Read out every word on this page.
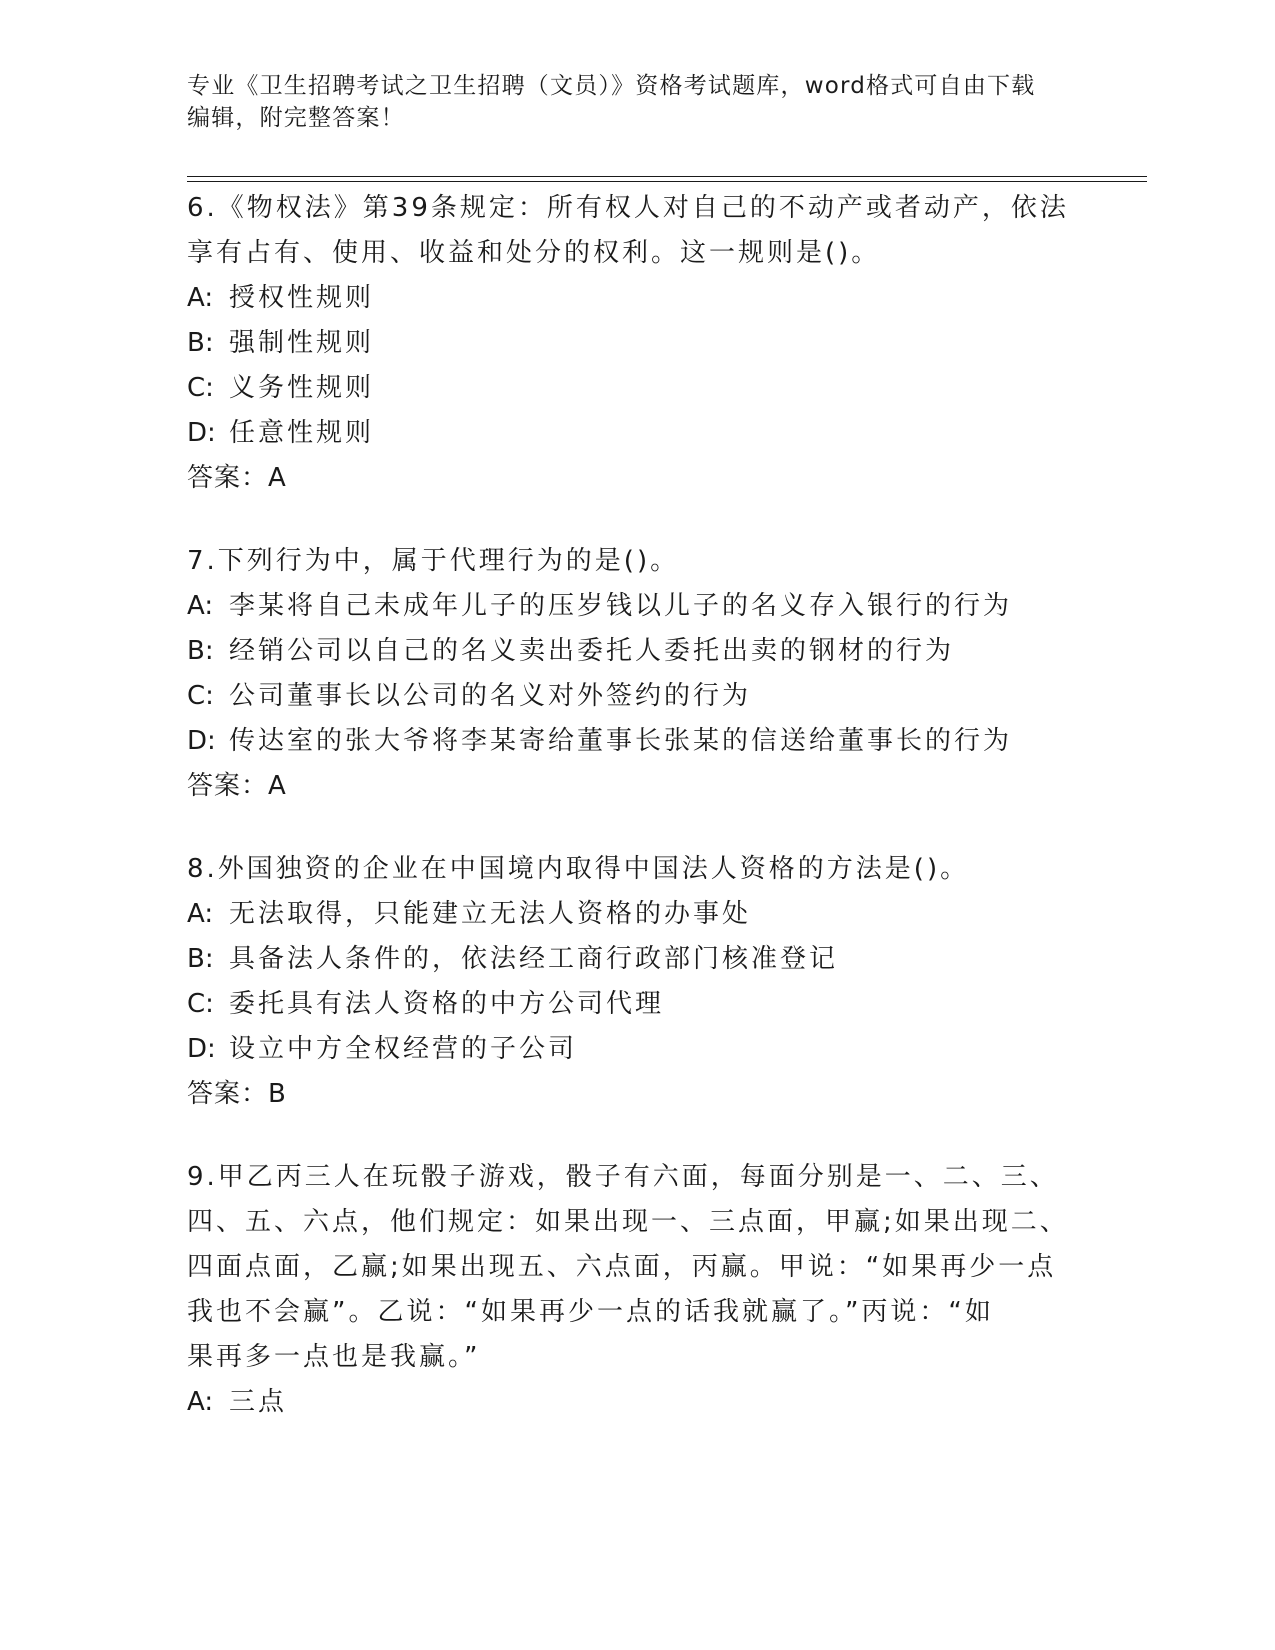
专业《卫生招聘考试之卫生招聘（文员）》资格考试题库，word格式可自由下载
编辑，附完整答案！
6.《物权法》第39条规定：所有权人对自己的不动产或者动产，依法
享有占有、使用、收益和处分的权利。这一规则是()。
A: 授权性规则
B: 强制性规则
C: 义务性规则
D: 任意性规则
答案：A
7.下列行为中，属于代理行为的是()。
A: 李某将自己未成年儿子的压岁钱以儿子的名义存入银行的行为
B: 经销公司以自己的名义卖出委托人委托出卖的钢材的行为
C: 公司董事长以公司的名义对外签约的行为
D: 传达室的张大爷将李某寄给董事长张某的信送给董事长的行为
答案：A
8.外国独资的企业在中国境内取得中国法人资格的方法是()。
A: 无法取得，只能建立无法人资格的办事处
B: 具备法人条件的，依法经工商行政部门核准登记
C: 委托具有法人资格的中方公司代理
D: 设立中方全权经营的子公司
答案：B
9.甲乙丙三人在玩骰子游戏，骰子有六面，每面分别是一、二、三、
四、五、六点，他们规定：如果出现一、三点面，甲赢;如果出现二、
四面点面，乙赢;如果出现五、六点面，丙赢。甲说：“如果再少一点
我也不会赢”。乙说：“如果再少一点的话我就赢了。”丙说：“如
果再多一点也是我赢。”
A: 三点
